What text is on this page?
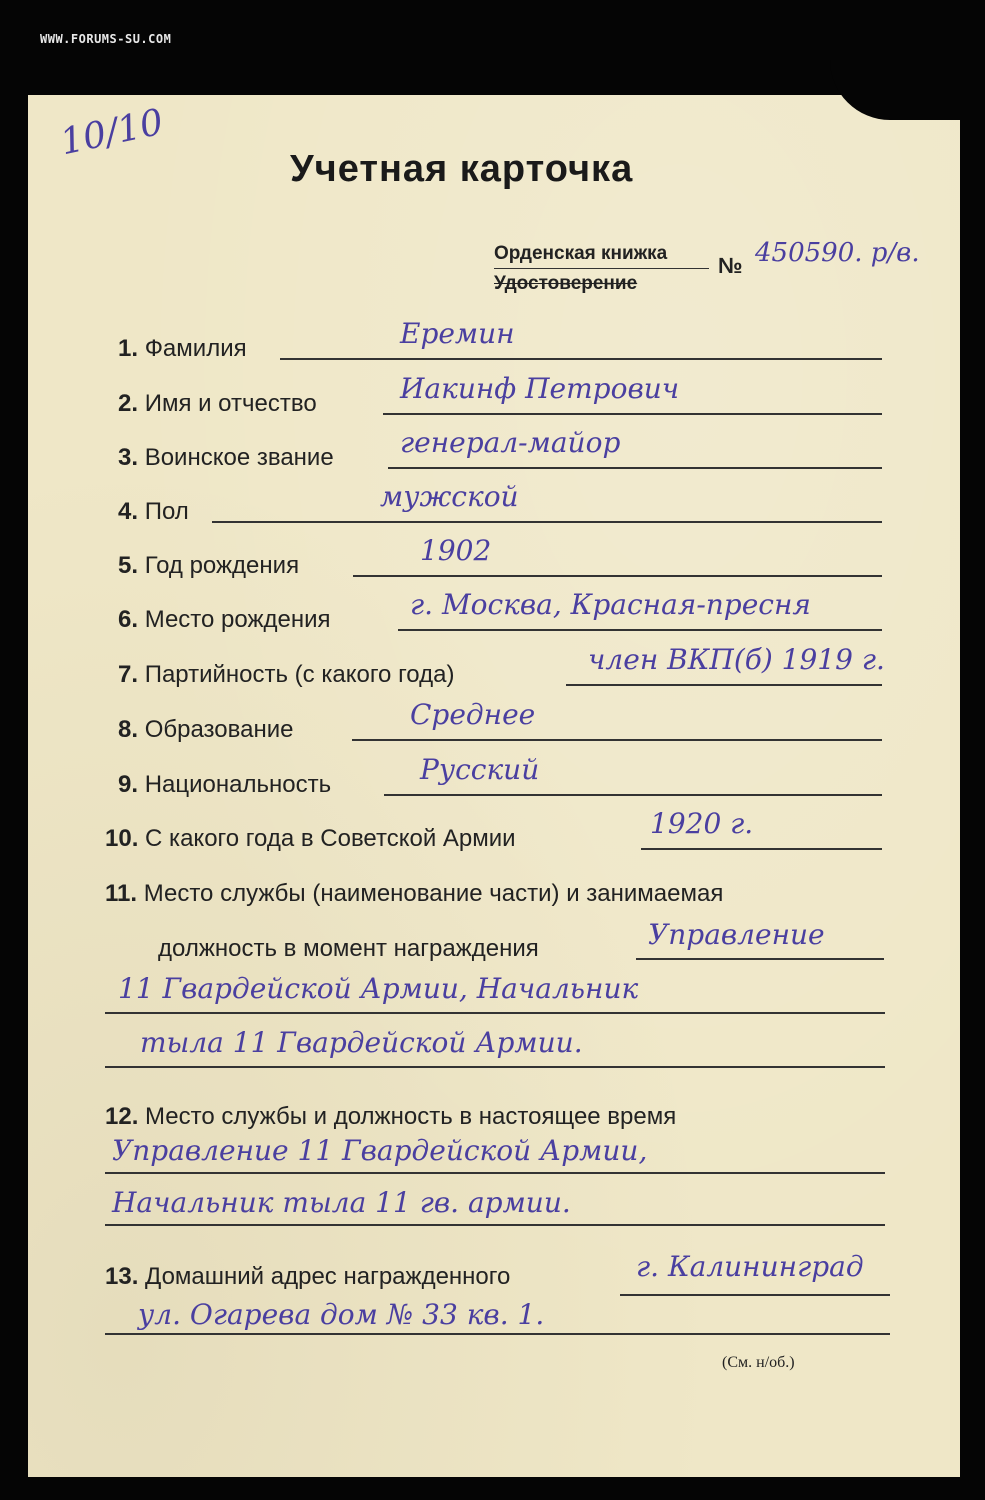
WWW.FORUMS-SU.COM
10/10
Учетная карточка
Орденская книжка
Удостоверение
№ 450590. р/в.
1. Фамилия	Еремин
2. Имя и отчество	Иакинф Петрович
3. Воинское звание генерал-майор
4. Пол	мужской
5. Год рождения	1902
6. Место рождения	г. Москва, Красная-пресня
7. Партийность (с какого года)	член ВКП(б) 1919 г.
8. Образование	Среднее
9. Национальность	Русский
10. С какого года в Советской Армии	1920 г.
11. Место службы (наименование части) и занимаемая
должность в момент награждения	Управление
11 Гвардейской Армии, Начальник
тыла 11 Гвардейской Армии.
12. Место службы и должность в настоящее время
Управление 11 Гвардейской Армии,
Начальник тыла 11 гв. армии.
13. Домашний адрес награжденного	г. Калининград
ул. Огарева дом № 33 кв. 1.
(См. н/об.)
